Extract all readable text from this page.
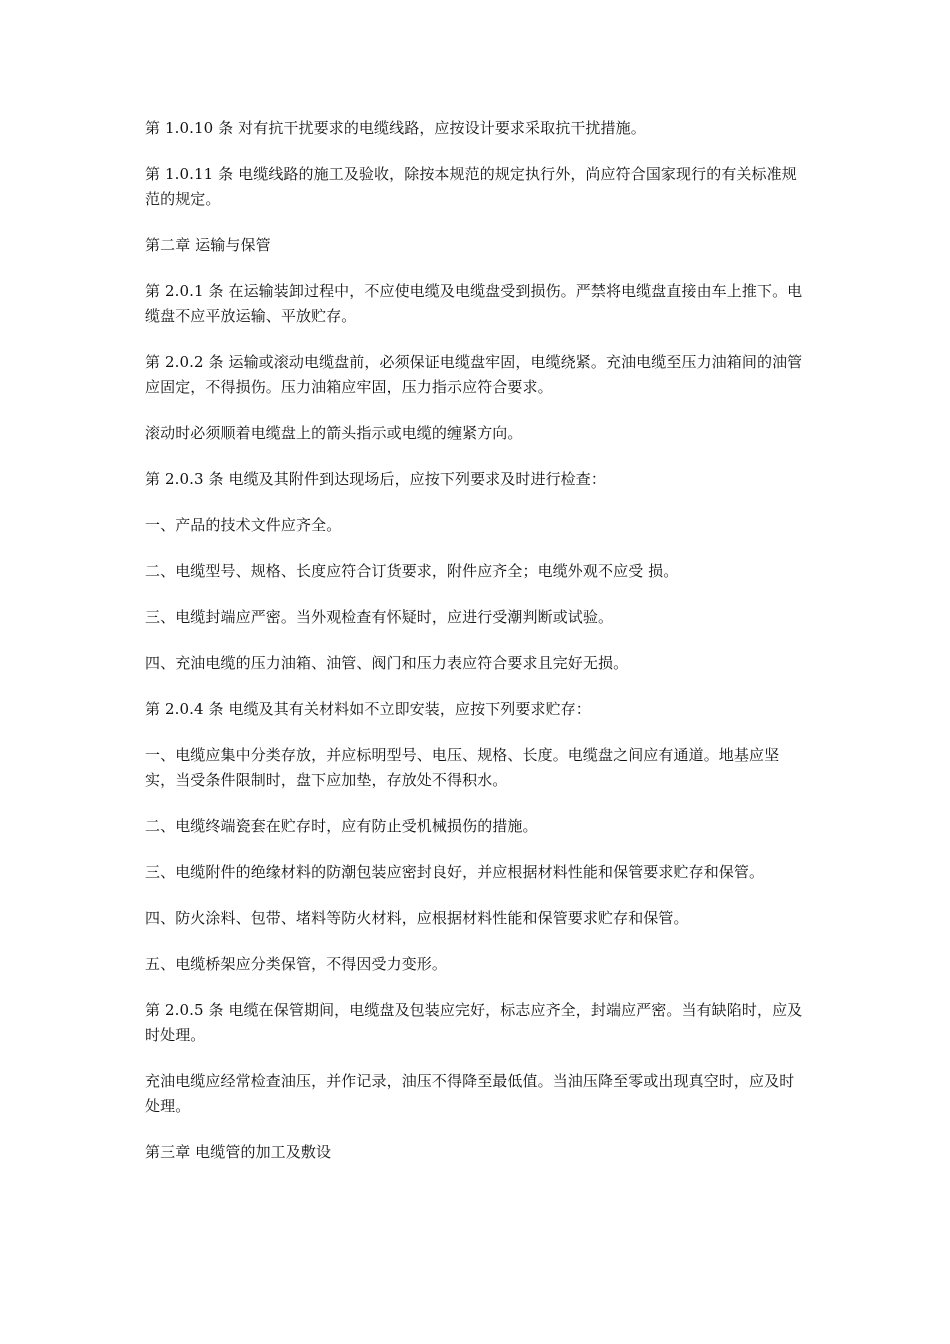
第 1.0.10 条 对有抗干扰要求的电缆线路，应按设计要求采取抗干扰措施。

第 1.0.11 条 电缆线路的施工及验收，除按本规范的规定执行外，尚应符合国家现行的有关标准规范的规定。

第二章 运输与保管

第 2.0.1 条 在运输装卸过程中，不应使电缆及电缆盘受到损伤。严禁将电缆盘直接由车上推下。电缆盘不应平放运输、平放贮存。

第 2.0.2 条 运输或滚动电缆盘前，必须保证电缆盘牢固，电缆绕紧。充油电缆至压力油箱间的油管应固定，不得损伤。压力油箱应牢固，压力指示应符合要求。

滚动时必须顺着电缆盘上的箭头指示或电缆的缠紧方向。

第 2.0.3 条 电缆及其附件到达现场后，应按下列要求及时进行检查：

一、产品的技术文件应齐全。

二、电缆型号、规格、长度应符合订货要求，附件应齐全；电缆外观不应受 损。

三、电缆封端应严密。当外观检查有怀疑时，应进行受潮判断或试验。

四、充油电缆的压力油箱、油管、阀门和压力表应符合要求且完好无损。

第 2.0.4 条 电缆及其有关材料如不立即安装，应按下列要求贮存：

一、电缆应集中分类存放，并应标明型号、电压、规格、长度。电缆盘之间应有通道。地基应坚实，当受条件限制时，盘下应加垫，存放处不得积水。

二、电缆终端瓷套在贮存时，应有防止受机械损伤的措施。

三、电缆附件的绝缘材料的防潮包装应密封良好，并应根据材料性能和保管要求贮存和保管。

四、防火涂料、包带、堵料等防火材料，应根据材料性能和保管要求贮存和保管。

五、电缆桥架应分类保管，不得因受力变形。

第 2.0.5 条 电缆在保管期间，电缆盘及包装应完好，标志应齐全，封端应严密。当有缺陷时，应及时处理。

充油电缆应经常检查油压，并作记录，油压不得降至最低值。当油压降至零或出现真空时，应及时处理。

第三章 电缆管的加工及敷设
